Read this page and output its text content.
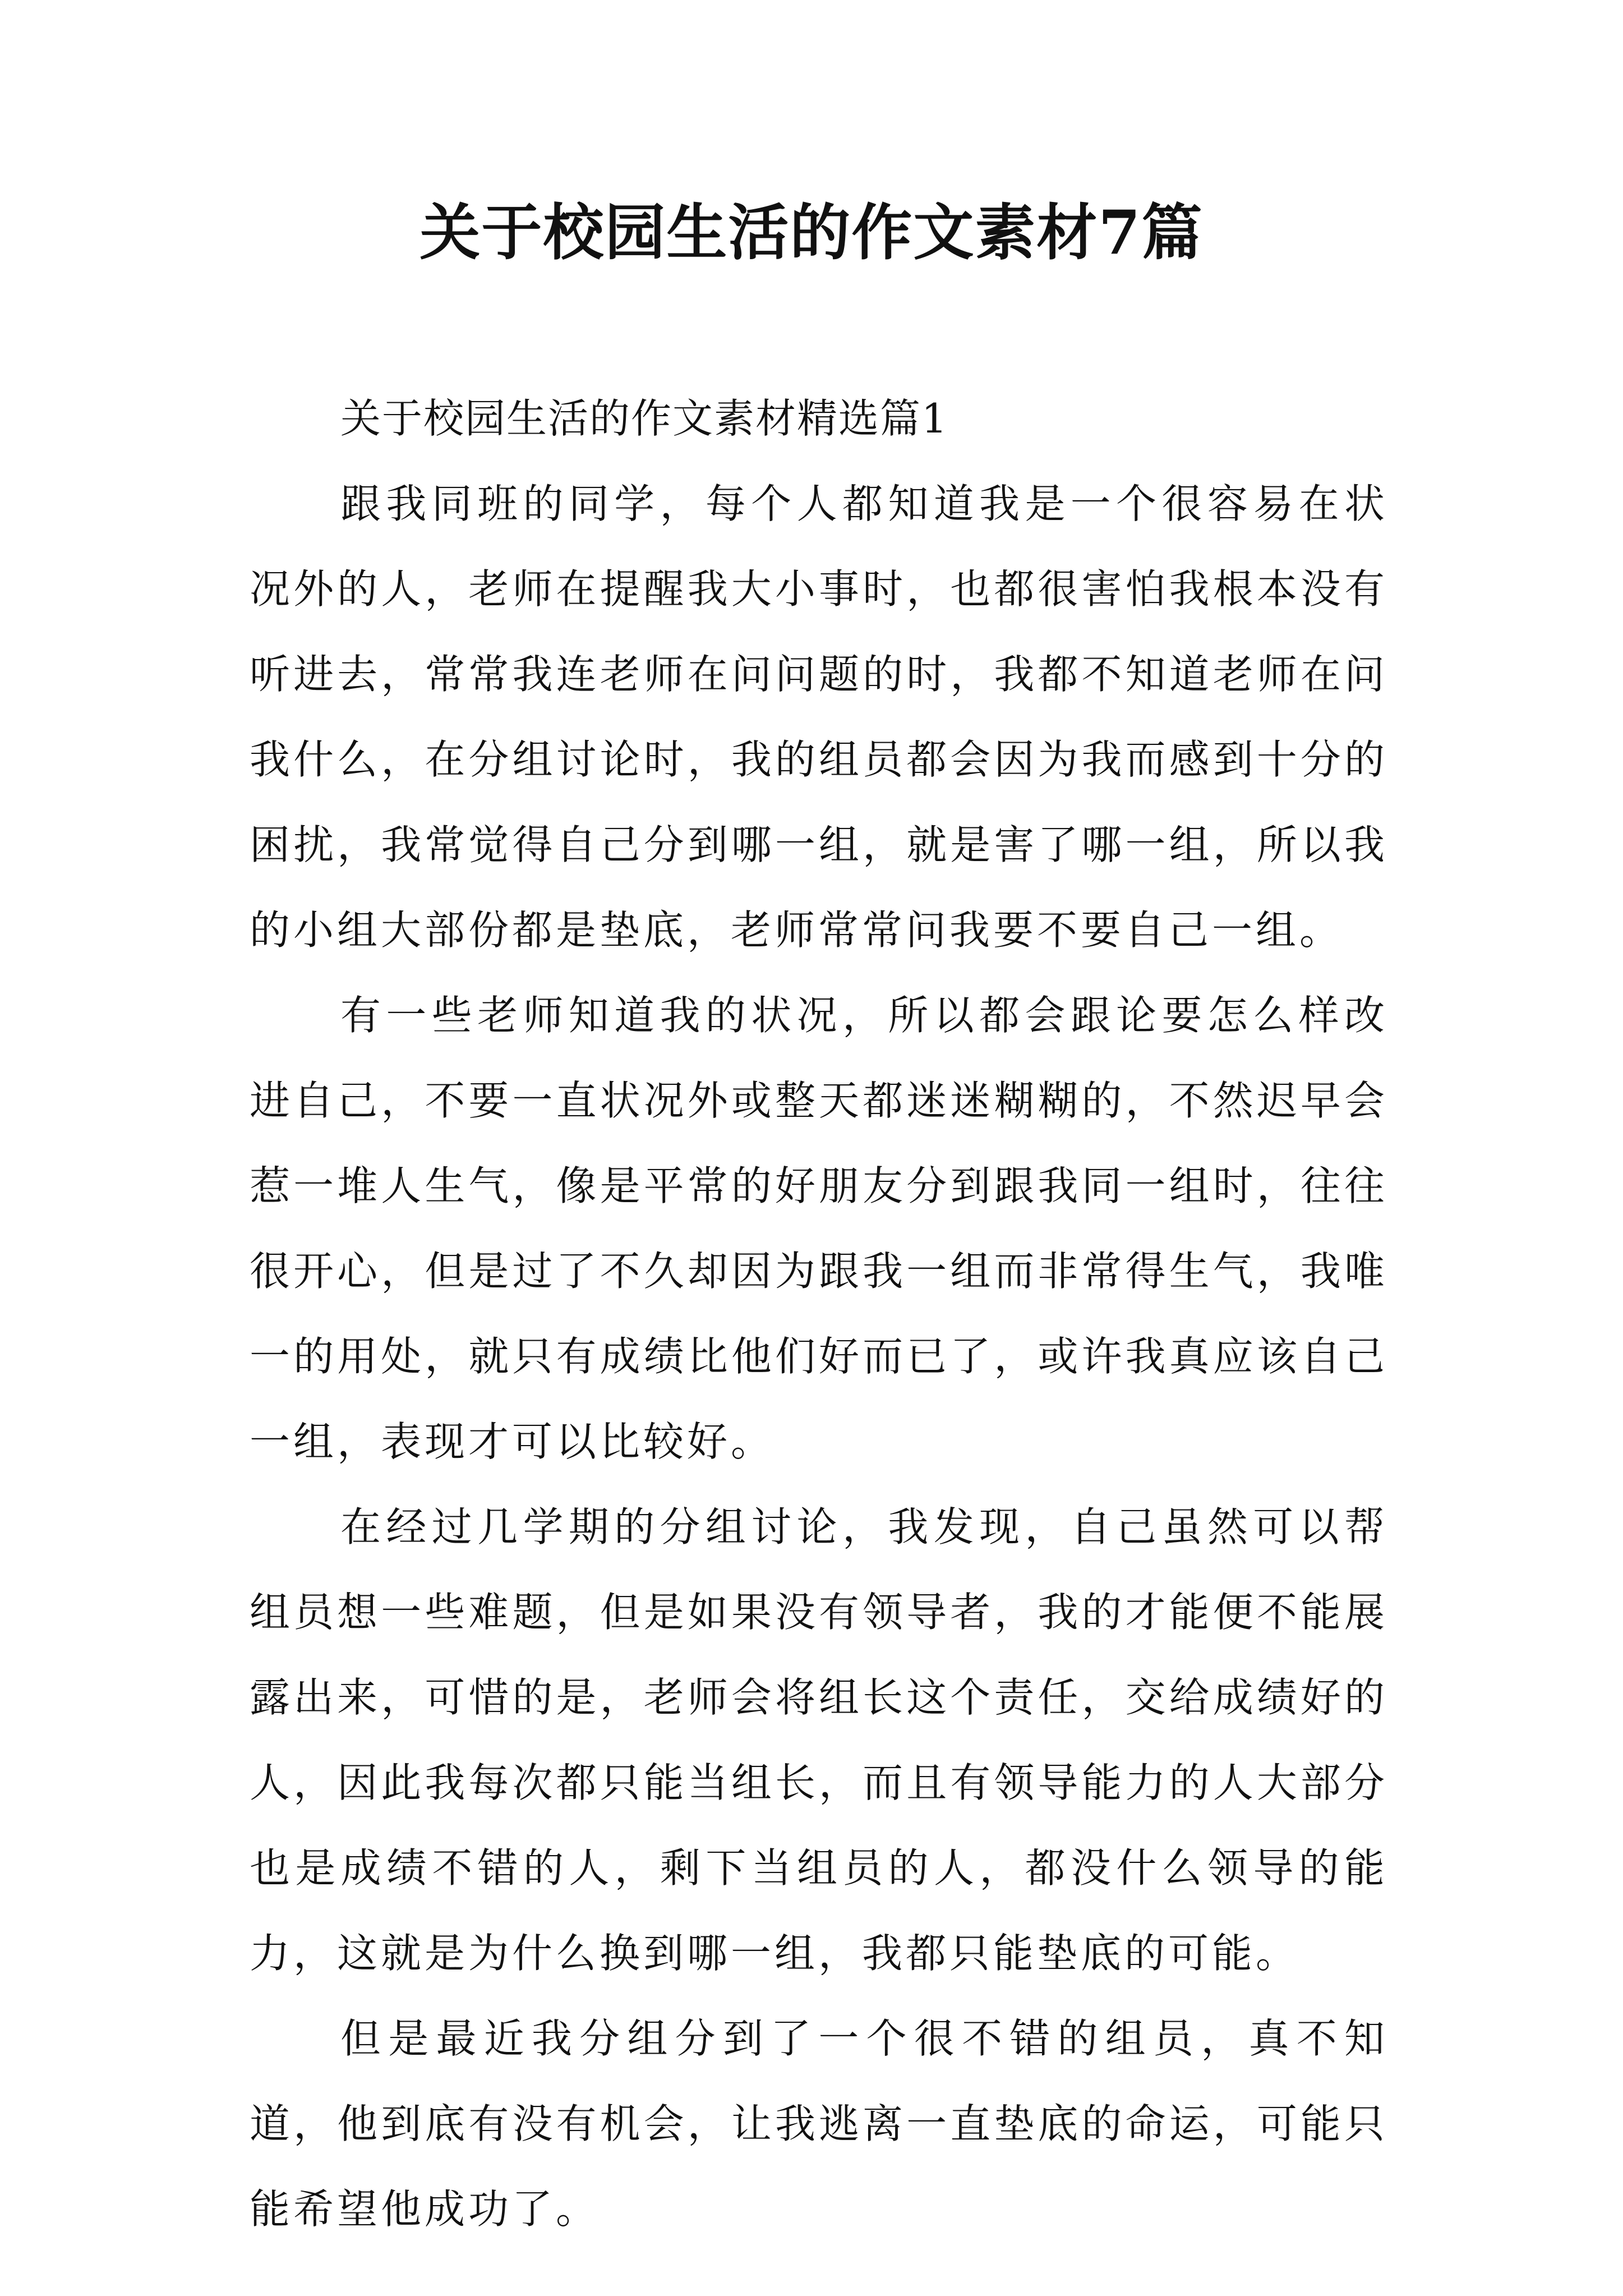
关于校园生活的作文素材7篇

关于校园生活的作文素材精选篇1

跟我同班的同学，每个人都知道我是一个很容易在状况外的人，老师在提醒我大小事时，也都很害怕我根本没有听进去，常常我连老师在问问题的时，我都不知道老师在问我什么，在分组讨论时，我的组员都会因为我而感到十分的困扰，我常觉得自己分到哪一组，就是害了哪一组，所以我的小组大部份都是垫底，老师常常问我要不要自己一组。

有一些老师知道我的状况，所以都会跟论要怎么样改进自己，不要一直状况外或整天都迷迷糊糊的，不然迟早会惹一堆人生气，像是平常的好朋友分到跟我同一组时，往往很开心，但是过了不久却因为跟我一组而非常得生气，我唯一的用处，就只有成绩比他们好而已了，或许我真应该自己一组，表现才可以比较好。

在经过几学期的分组讨论，我发现，自己虽然可以帮组员想一些难题，但是如果没有领导者，我的才能便不能展露出来，可惜的是，老师会将组长这个责任，交给成绩好的人，因此我每次都只能当组长，而且有领导能力的人大部分也是成绩不错的人，剩下当组员的人，都没什么领导的能力，这就是为什么换到哪一组，我都只能垫底的可能。

但是最近我分组分到了一个很不错的组员，真不知道，他到底有没有机会，让我逃离一直垫底的命运，可能只能希望他成功了。
